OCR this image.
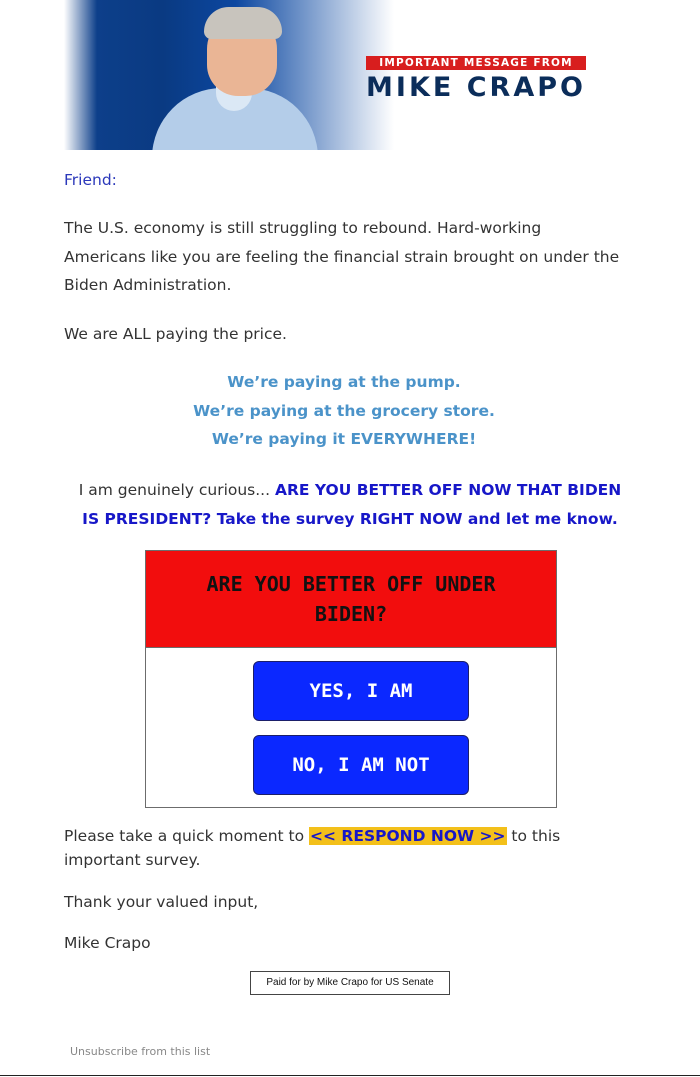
IMPORTANT MESSAGE FROM
MIKE CRAPO
Friend:
The U.S. economy is still struggling to rebound. Hard-working Americans like you are feeling the financial strain brought on under the Biden Administration.
We are ALL paying the price.
We’re paying at the pump.
We’re paying at the grocery store.
We’re paying it EVERYWHERE!
I am genuinely curious... ARE YOU BETTER OFF NOW THAT BIDEN IS PRESIDENT? Take the survey RIGHT NOW and let me know.
ARE YOU BETTER OFF UNDER BIDEN?
YES, I AM
NO, I AM NOT
Please take a quick moment to << RESPOND NOW >> to this important survey.
Thank your valued input,
Mike Crapo
Paid for by Mike Crapo for US Senate
Unsubscribe from this list
